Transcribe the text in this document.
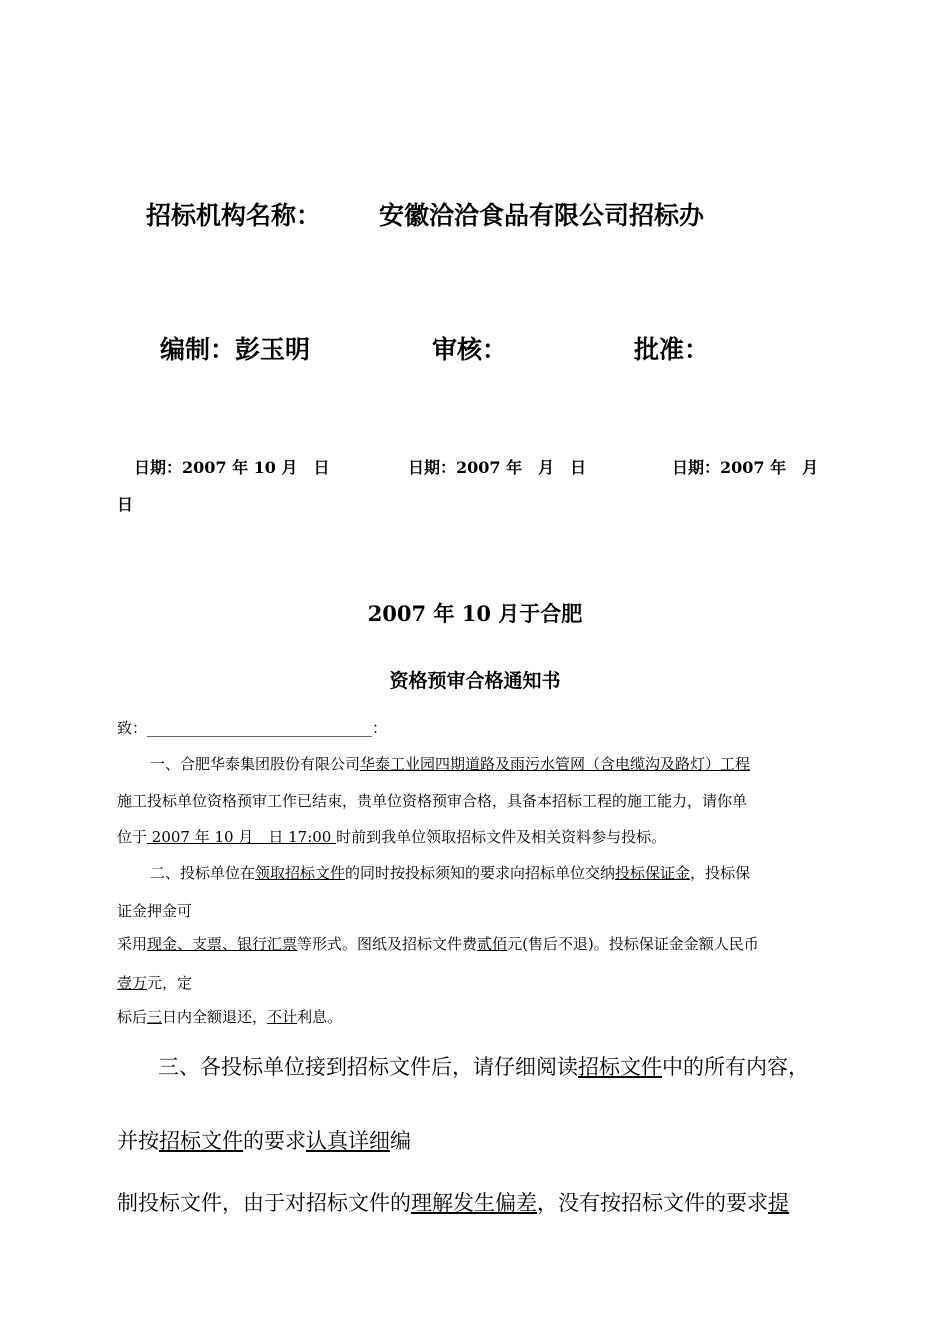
招标机构名称： 安徽洽洽食品有限公司招标办
编制：彭玉明	审核：	批准：
日期：2007 年 10 月　日	日期：2007 年　月　日	日期：2007 年　月
日
2007 年 10 月于合肥
资格预审合格通知书
致：______________________________：
一、合肥华泰集团股份有限公司华泰工业园四期道路及雨污水管网（含电缆沟及路灯）工程
施工投标单位资格预审工作已结束，贵单位资格预审合格，具备本招标工程的施工能力，请你单
位于 2007 年 10 月　日 17:00 时前到我单位领取招标文件及相关资料参与投标。
二、投标单位在领取招标文件的同时按投标须知的要求向招标单位交纳投标保证金，投标保
证金押金可
采用现金、支票、银行汇票等形式。图纸及招标文件费贰佰元(售后不退)。投标保证金金额人民币
壹万元，定
标后三日内全额退还，不计利息。
三、各投标单位接到招标文件后，请仔细阅读招标文件中的所有内容，
并按招标文件的要求认真详细编
制投标文件，由于对招标文件的理解发生偏差，没有按招标文件的要求提
